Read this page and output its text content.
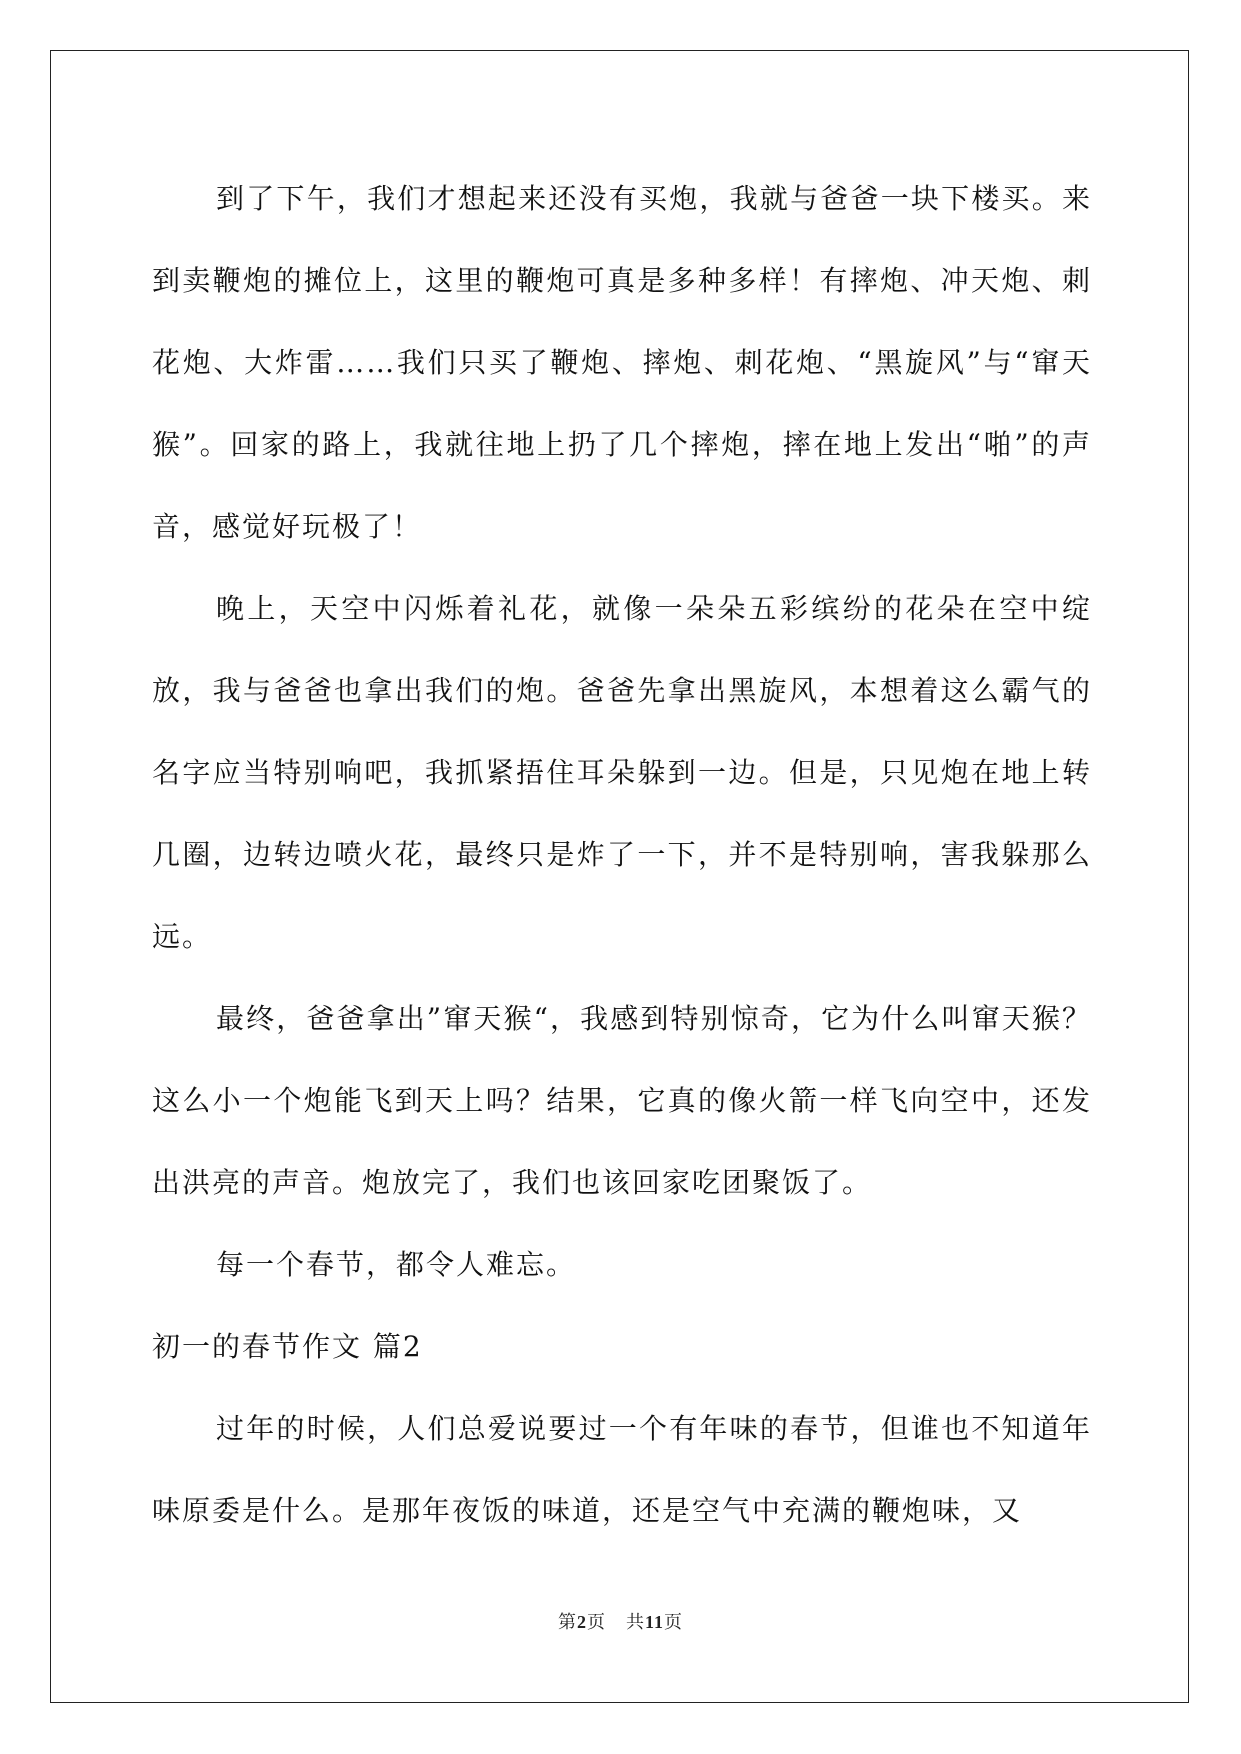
到了下午，我们才想起来还没有买炮，我就与爸爸一块下楼买。来到卖鞭炮的摊位上，这里的鞭炮可真是多种多样！有摔炮、冲天炮、刺花炮、大炸雷……我们只买了鞭炮、摔炮、刺花炮、“黑旋风”与“窜天猴”。回家的路上，我就往地上扔了几个摔炮，摔在地上发出“啪”的声音，感觉好玩极了！

晚上，天空中闪烁着礼花，就像一朵朵五彩缤纷的花朵在空中绽放，我与爸爸也拿出我们的炮。爸爸先拿出黑旋风，本想着这么霸气的名字应当特别响吧，我抓紧捂住耳朵躲到一边。但是，只见炮在地上转几圈，边转边喷火花，最终只是炸了一下，并不是特别响，害我躲那么远。

最终，爸爸拿出”窜天猴“，我感到特别惊奇，它为什么叫窜天猴？这么小一个炮能飞到天上吗？结果，它真的像火箭一样飞向空中，还发出洪亮的声音。炮放完了，我们也该回家吃团聚饭了。

每一个春节，都令人难忘。

初一的春节作文 篇2

过年的时候，人们总爱说要过一个有年味的春节，但谁也不知道年味原委是什么。是那年夜饭的味道，还是空气中充满的鞭炮味，又

第2页 共11页
